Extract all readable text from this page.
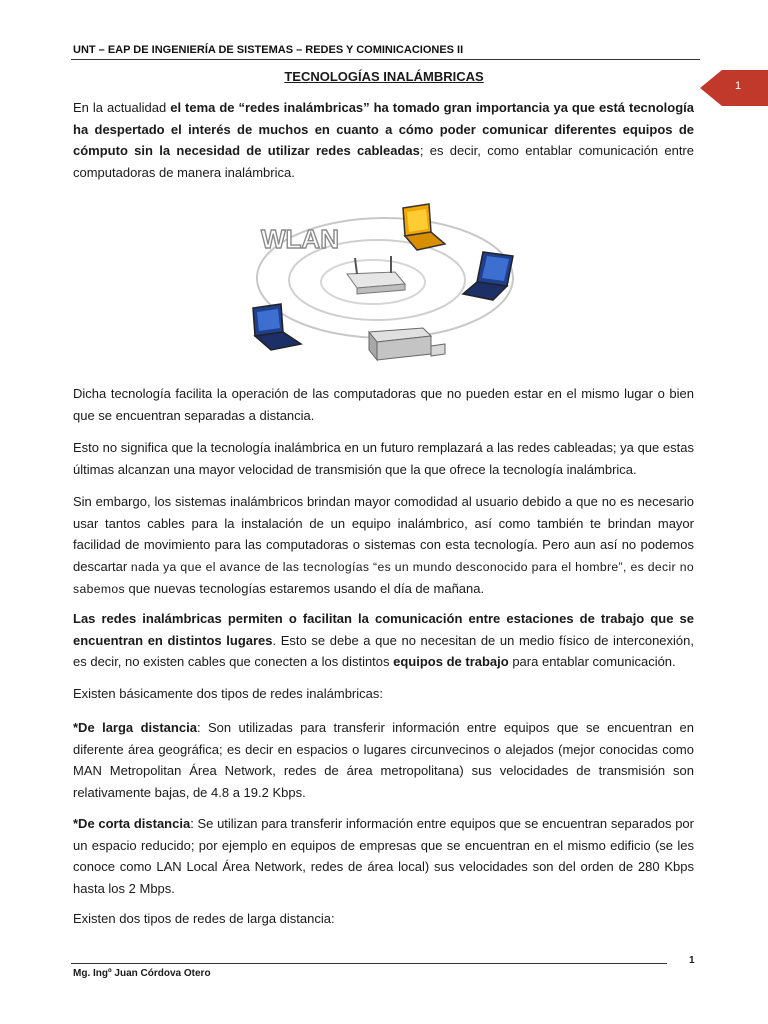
UNT – EAP DE INGENIERÍA DE SISTEMAS – REDES Y COMINICACIONES II
1
TECNOLOGÍAS INALÁMBRICAS

En la actualidad el tema de “redes inalámbricas” ha tomado gran importancia ya que está tecnología ha despertado el interés de muchos en cuanto a cómo poder comunicar diferentes equipos de cómputo sin la necesidad de utilizar redes cableadas; es decir, como entablar comunicación entre computadoras de manera inalámbrica.

WLAN

Dicha tecnología facilita la operación de las computadoras que no pueden estar en el mismo lugar o bien que se encuentran separadas a distancia.

Esto no significa que la tecnología inalámbrica en un futuro remplazará a las redes cableadas; ya que estas últimas alcanzan una mayor velocidad de transmisión que la que ofrece la tecnología inalámbrica.

Sin embargo, los sistemas inalámbricos brindan mayor comodidad al usuario debido a que no es necesario usar tantos cables para la instalación de un equipo inalámbrico, así como también te brindan mayor facilidad de movimiento para las computadoras o sistemas con esta tecnología. Pero aun así no podemos descartar nada ya que el avance de las tecnologías “es un mundo desconocido para el hombre”, es decir no sabemos que nuevas tecnologías estaremos usando el día de mañana.

Las redes inalámbricas permiten o facilitan la comunicación entre estaciones de trabajo que se encuentran en distintos lugares. Esto se debe a que no necesitan de un medio físico de interconexión, es decir, no existen cables que conecten a los distintos equipos de trabajo para entablar comunicación.

Existen básicamente dos tipos de redes inalámbricas:

*De larga distancia: Son utilizadas para transferir información entre equipos que se encuentran en diferente área geográfica; es decir en espacios o lugares circunvecinos o alejados (mejor conocidas como MAN Metropolitan Área Network, redes de área metropolitana) sus velocidades de transmisión son relativamente bajas, de 4.8 a 19.2 Kbps.

*De corta distancia: Se utilizan para transferir información entre equipos que se encuentran separados por un espacio reducido; por ejemplo en equipos de empresas que se encuentran en el mismo edificio (se les conoce como LAN Local Área Network, redes de área local) sus velocidades son del orden de 280 Kbps hasta los 2 Mbps.

Existen dos tipos de redes de larga distancia:

1
Mg. Ingº Juan Córdova Otero
